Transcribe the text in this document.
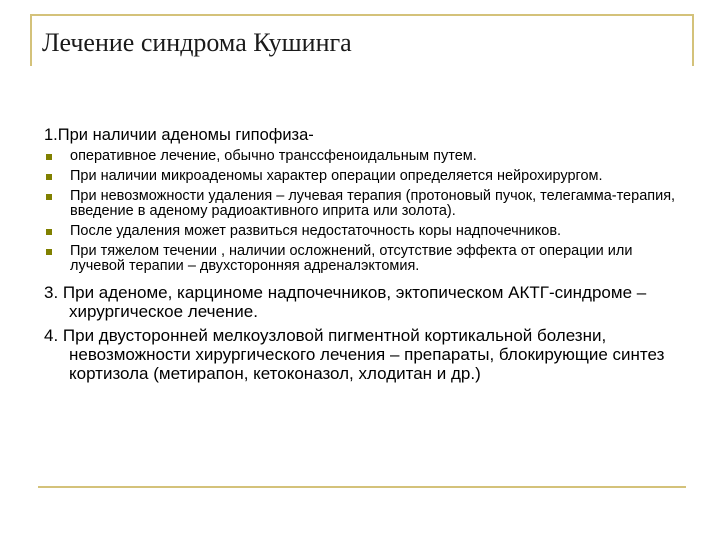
Лечение синдрома Кушинга

1.При наличии аденомы гипофиза-

оперативное лечение, обычно транссфеноидальным путем.
При наличии микроаденомы характер операции определяется нейрохирургом.
При невозможности удаления – лучевая терапия (протоновый пучок, телегамма-терапия, введение в аденому радиоактивного иприта или золота).
После удаления может развиться недостаточность коры надпочечников.
При тяжелом течении , наличии осложнений, отсутствие эффекта от операции или лучевой терапии – двухсторонняя адреналэктомия.

3. При аденоме, карциноме надпочечников, эктопическом АКТГ-синдроме – хирургическое лечение.

4. При двусторонней мелкоузловой пигментной кортикальной болезни, невозможности хирургического лечения – препараты, блокирующие синтез кортизола (метирапон, кетоконазол, хлодитан и др.)
